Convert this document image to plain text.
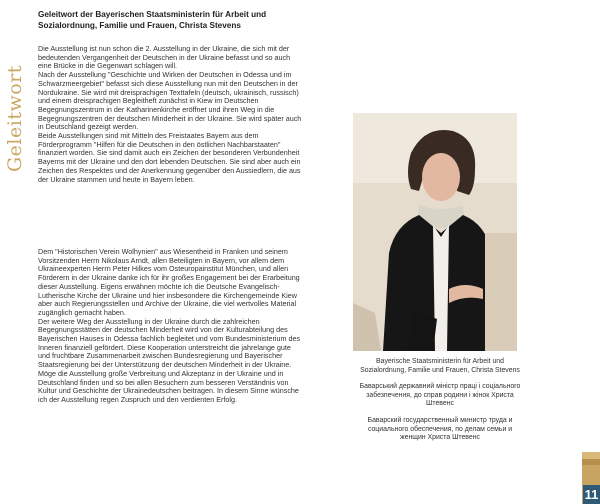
Geleitwort
Geleitwort der Bayerischen Staatsministerin für Arbeit und Sozialordnung, Familie und Frauen, Christa Stevens

Die Ausstellung ist nun schon die 2. Ausstellung in der Ukraine, die sich mit der bedeutenden Vergangenheit der Deutschen in der Ukraine befasst und so auch eine Brücke in die Gegenwart schlagen will.

Nach der Ausstellung "Geschichte und Wirken der Deutschen in Odessa und im Schwarzmeergebiet" befasst sich diese Ausstellung nun mit den Deutschen in der Nordukraine. Sie wird mit dreisprachigen Texttafeln (deutsch, ukrainisch, russisch) und einem dreisprachigen Begleitheft zunächst in Kiew im Deutschen Begegnungszentrum in der Katharinenkirche eröffnet und ihren Weg in die Begegnungszentren der deutschen Minderheit in der Ukraine. Sie wird später auch in Deutschland gezeigt werden.

Beide Ausstellungen sind mit Mitteln des Freistaates Bayern aus dem Förderprogramm "Hilfen für die Deutschen in den östlichen Nachbarstaaten" finanziert worden. Sie sind damit auch ein Zeichen der besonderen Verbundenheit Bayerns mit der Ukraine und den dort lebenden Deutschen. Sie sind aber auch ein Zeichen des Respektes und der Anerkennung gegenüber den Aussiedlern, die aus der Ukraine stammen und heute in Bayern leben.

Dem "Historischen Verein Wolhynien" aus Wiesentheid in Franken und seinem Vorsitzenden Herrn Nikolaus Arndt, allen Beteiligten in Bayern, vor allem dem Ukraineexperten Herrn Peter Hilkes vom Osteuropainstitut München, und allen Förderern in der Ukraine danke ich für ihr großes Engagement bei der Erarbeitung dieser Ausstellung. Eigens erwähnen möchte ich die Deutsche Evangelisch-Lutherische Kirche der Ukraine und hier insbesondere die Kirchengemeinde Kiew aber auch Regierungsstellen und Archive der Ukraine, die viel wertvolles Material zugänglich gemacht haben.

Der weitere Weg der Ausstellung in der Ukraine durch die zahlreichen Begegnungsstätten der deutschen Minderheit wird von der Kulturabteilung des Bayerischen Hauses in Odessa fachlich begleitet und vom Bundesministerium des Inneren finanziell gefördert. Diese Kooperation unterstreicht die jahrelange gute und fruchtbare Zusammenarbeit zwischen Bundesregierung und Bayerischer Staatsregierung bei der Unterstützung der deutschen Minderheit in der Ukraine.

Möge die Ausstellung große Verbreitung und Akzeptanz in der Ukraine und in Deutschland finden und so bei allen Besuchern zum besseren Verständnis von Kultur und Geschichte der Ukrainedeutschen beitragen. In diesem Sinne wünsche ich der Ausstellung regen Zuspruch und den verdienten Erfolg.

Bayerische Staatsministerin für Arbeit und Sozialordnung, Familie und Frauen, Christa Stevens

Баварський державний міністр праці і соціального забезпечення, до справ родини і жінок Христа Штевенс

Баварский государственный министр труда и социального обеспечения, по делам семьи и женщин Христа Штевенс

11
